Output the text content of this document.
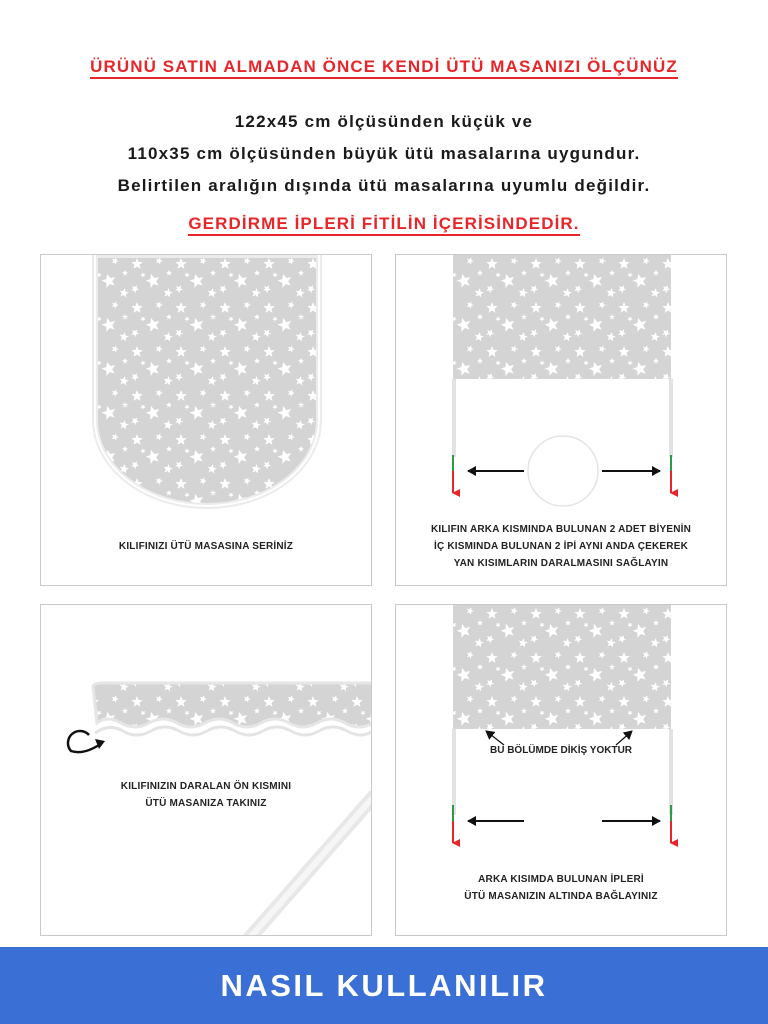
ÜRÜNÜ SATIN ALMADAN ÖNCE KENDİ ÜTÜ MASANIZI ÖLÇÜNÜZ
122x45 cm ölçüsünden küçük ve
110x35 cm ölçüsünden büyük ütü masalarına uygundur.
Belirtilen aralığın dışında ütü masalarına uyumlu değildir.
GERDİRME İPLERİ FİTİLİN İÇERİSİNDEDİR.
KILIFINIZI ÜTÜ MASASINA SERİNİZ
KILIFIN ARKA KISMINDA BULUNAN 2 ADET BİYENİN
İÇ KISMINDA BULUNAN 2 İPİ AYNI ANDA ÇEKEREK
YAN KISIMLARIN DARALMASINI SAĞLAYIN
KILIFINIZIN DARALAN ÖN KISMINI
ÜTÜ MASANIZA TAKINIZ
BU BÖLÜMDE DİKİŞ YOKTUR
ARKA KISIMDA BULUNAN İPLERİ
ÜTÜ MASANIZIN ALTINDA BAĞLAYINIZ
NASIL KULLANILIR
